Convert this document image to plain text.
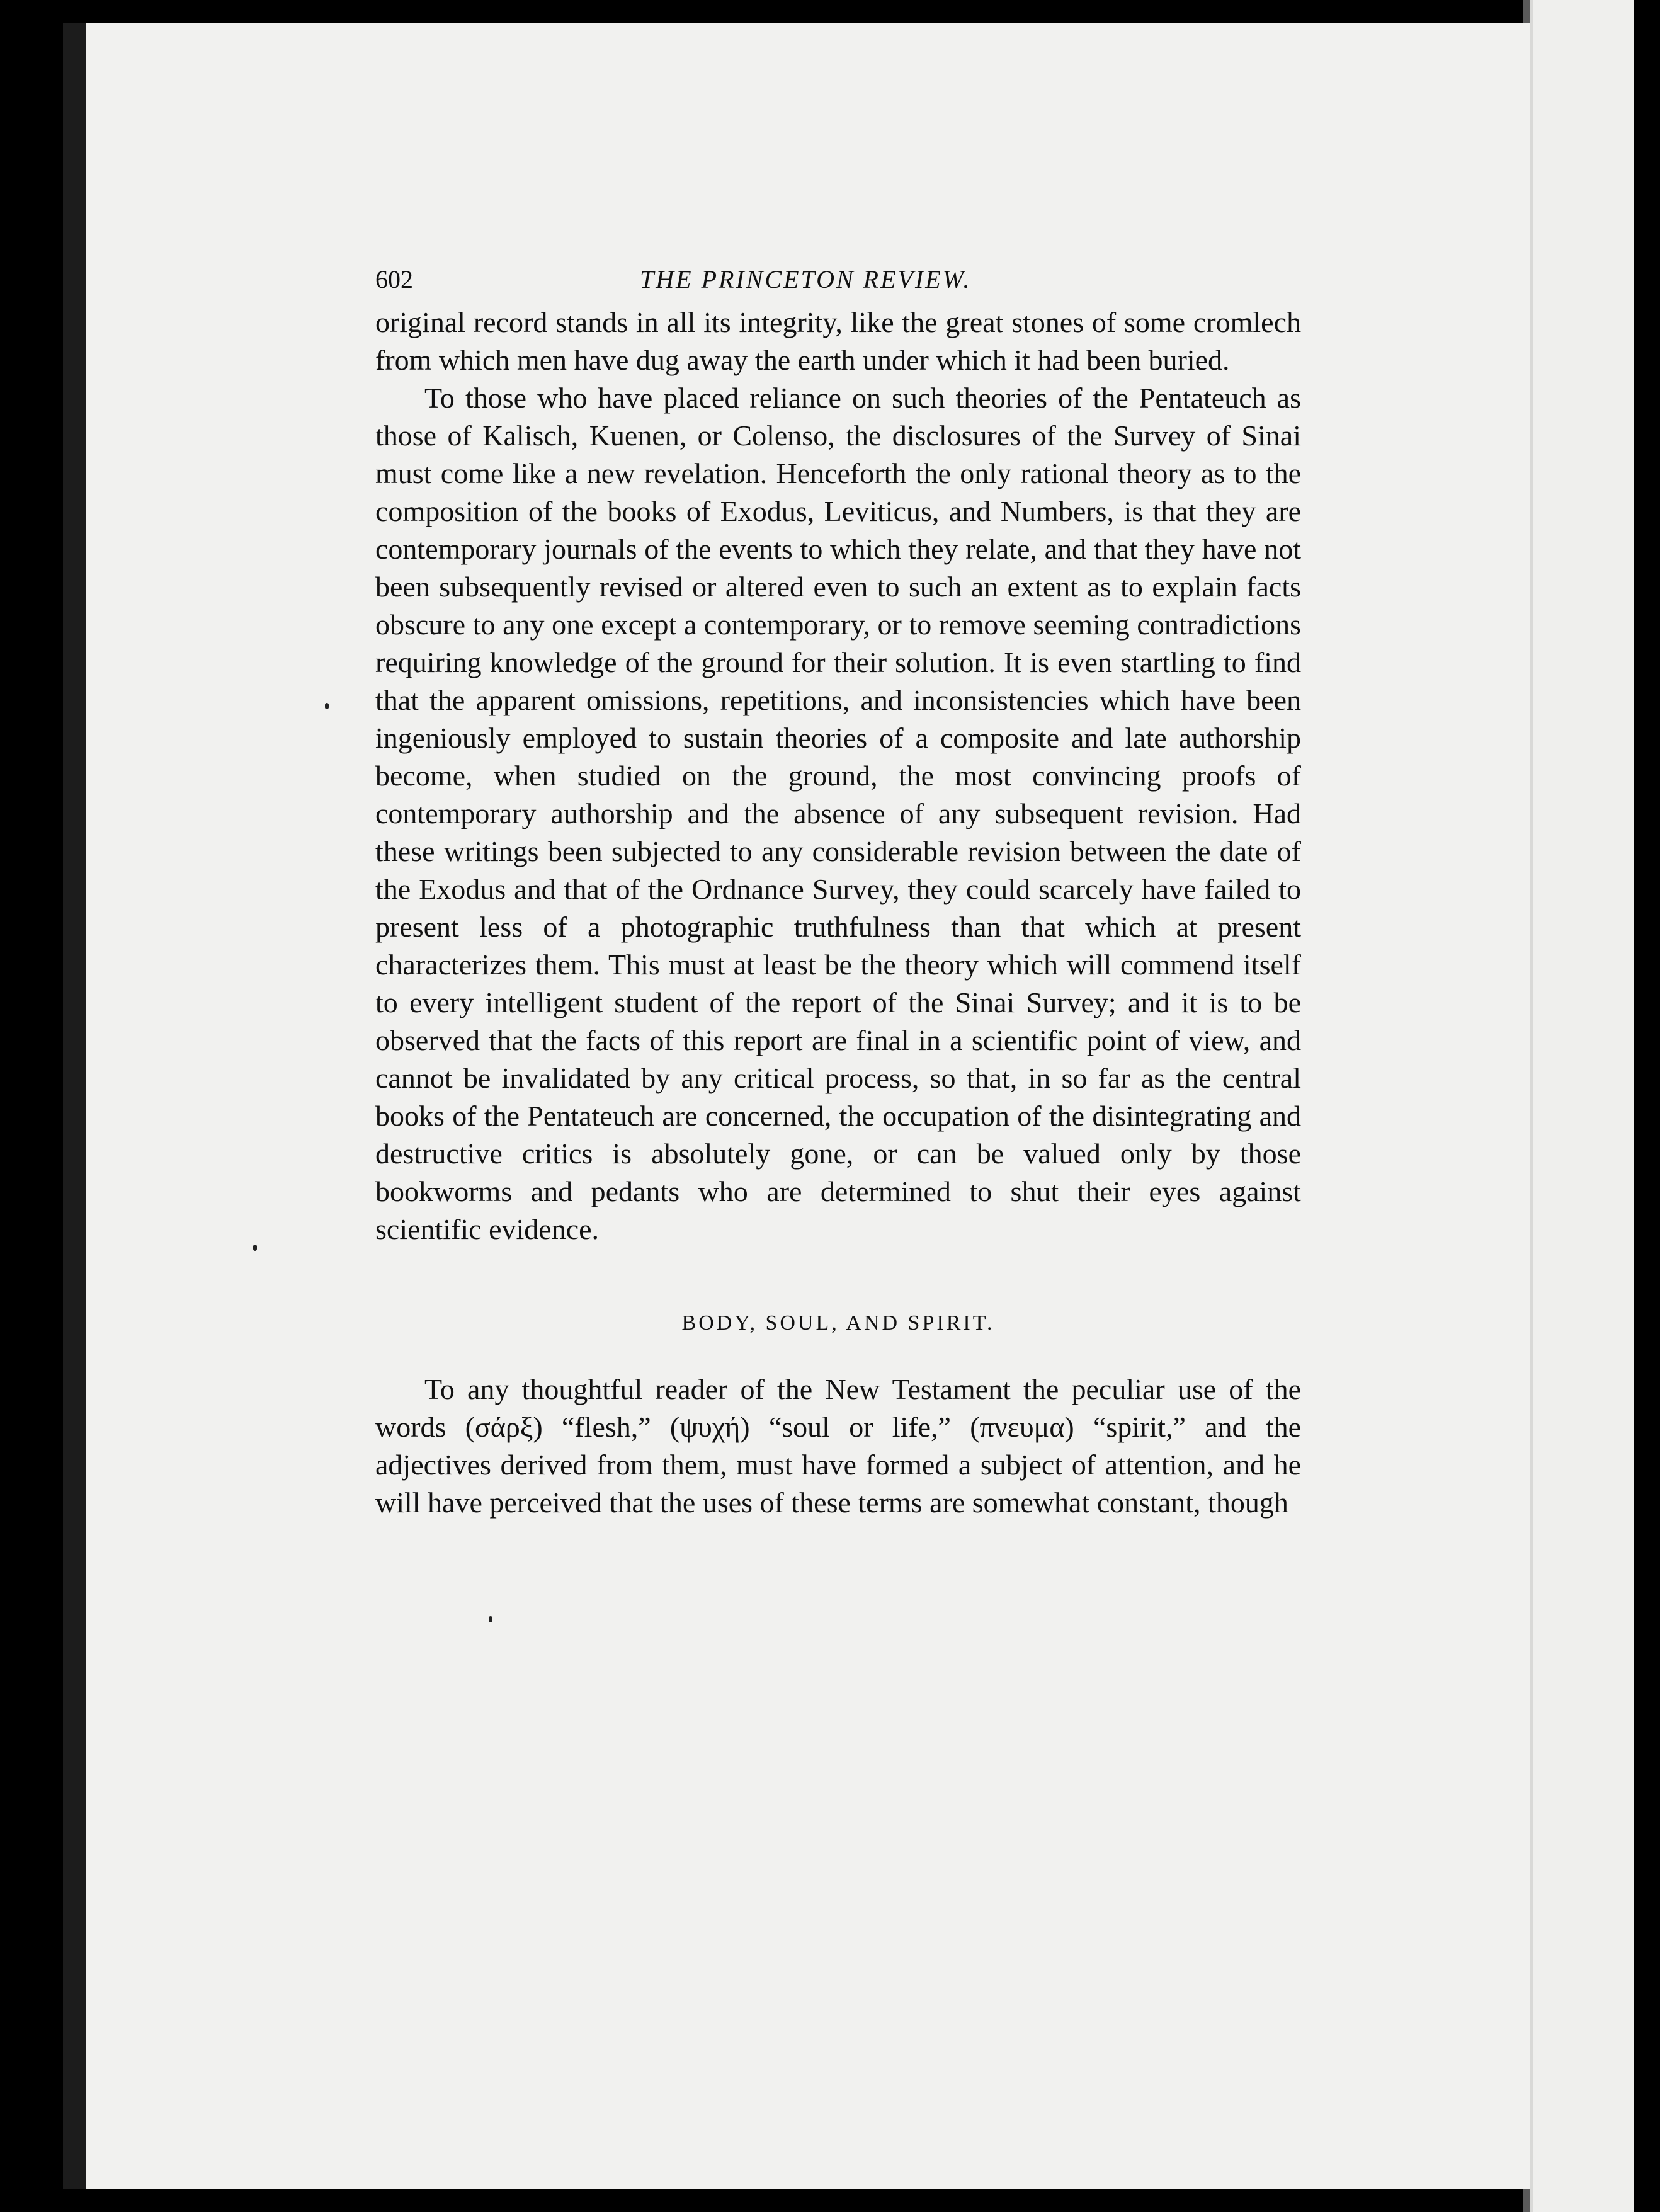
602	THE PRINCETON REVIEW.

original record stands in all its integrity, like the great stones of some cromlech from which men have dug away the earth under which it had been buried.

To those who have placed reliance on such theories of the Pentateuch as those of Kalisch, Kuenen, or Colenso, the disclosures of the Survey of Sinai must come like a new revelation. Henceforth the only rational theory as to the composition of the books of Exodus, Leviticus, and Numbers, is that they are contemporary journals of the events to which they relate, and that they have not been subsequently revised or altered even to such an extent as to explain facts obscure to any one except a contemporary, or to remove seeming contradictions requiring knowledge of the ground for their solution. It is even startling to find that the apparent omissions, repetitions, and inconsistencies which have been ingeniously employed to sustain theories of a composite and late authorship become, when studied on the ground, the most convincing proofs of contemporary authorship and the absence of any subsequent revision. Had these writings been subjected to any considerable revision between the date of the Exodus and that of the Ordnance Survey, they could scarcely have failed to present less of a photographic truthfulness than that which at present characterizes them. This must at least be the theory which will commend itself to every intelligent student of the report of the Sinai Survey; and it is to be observed that the facts of this report are final in a scientific point of view, and cannot be invalidated by any critical process, so that, in so far as the central books of the Pentateuch are concerned, the occupation of the disintegrating and destructive critics is absolutely gone, or can be valued only by those bookworms and pedants who are determined to shut their eyes against scientific evidence.

BODY, SOUL, AND SPIRIT.

To any thoughtful reader of the New Testament the peculiar use of the words (σάρξ) “flesh,” (ψυχή) “soul or life,” (πνευμα) “spirit,” and the adjectives derived from them, must have formed a subject of attention, and he will have perceived that the uses of these terms are somewhat constant, though
